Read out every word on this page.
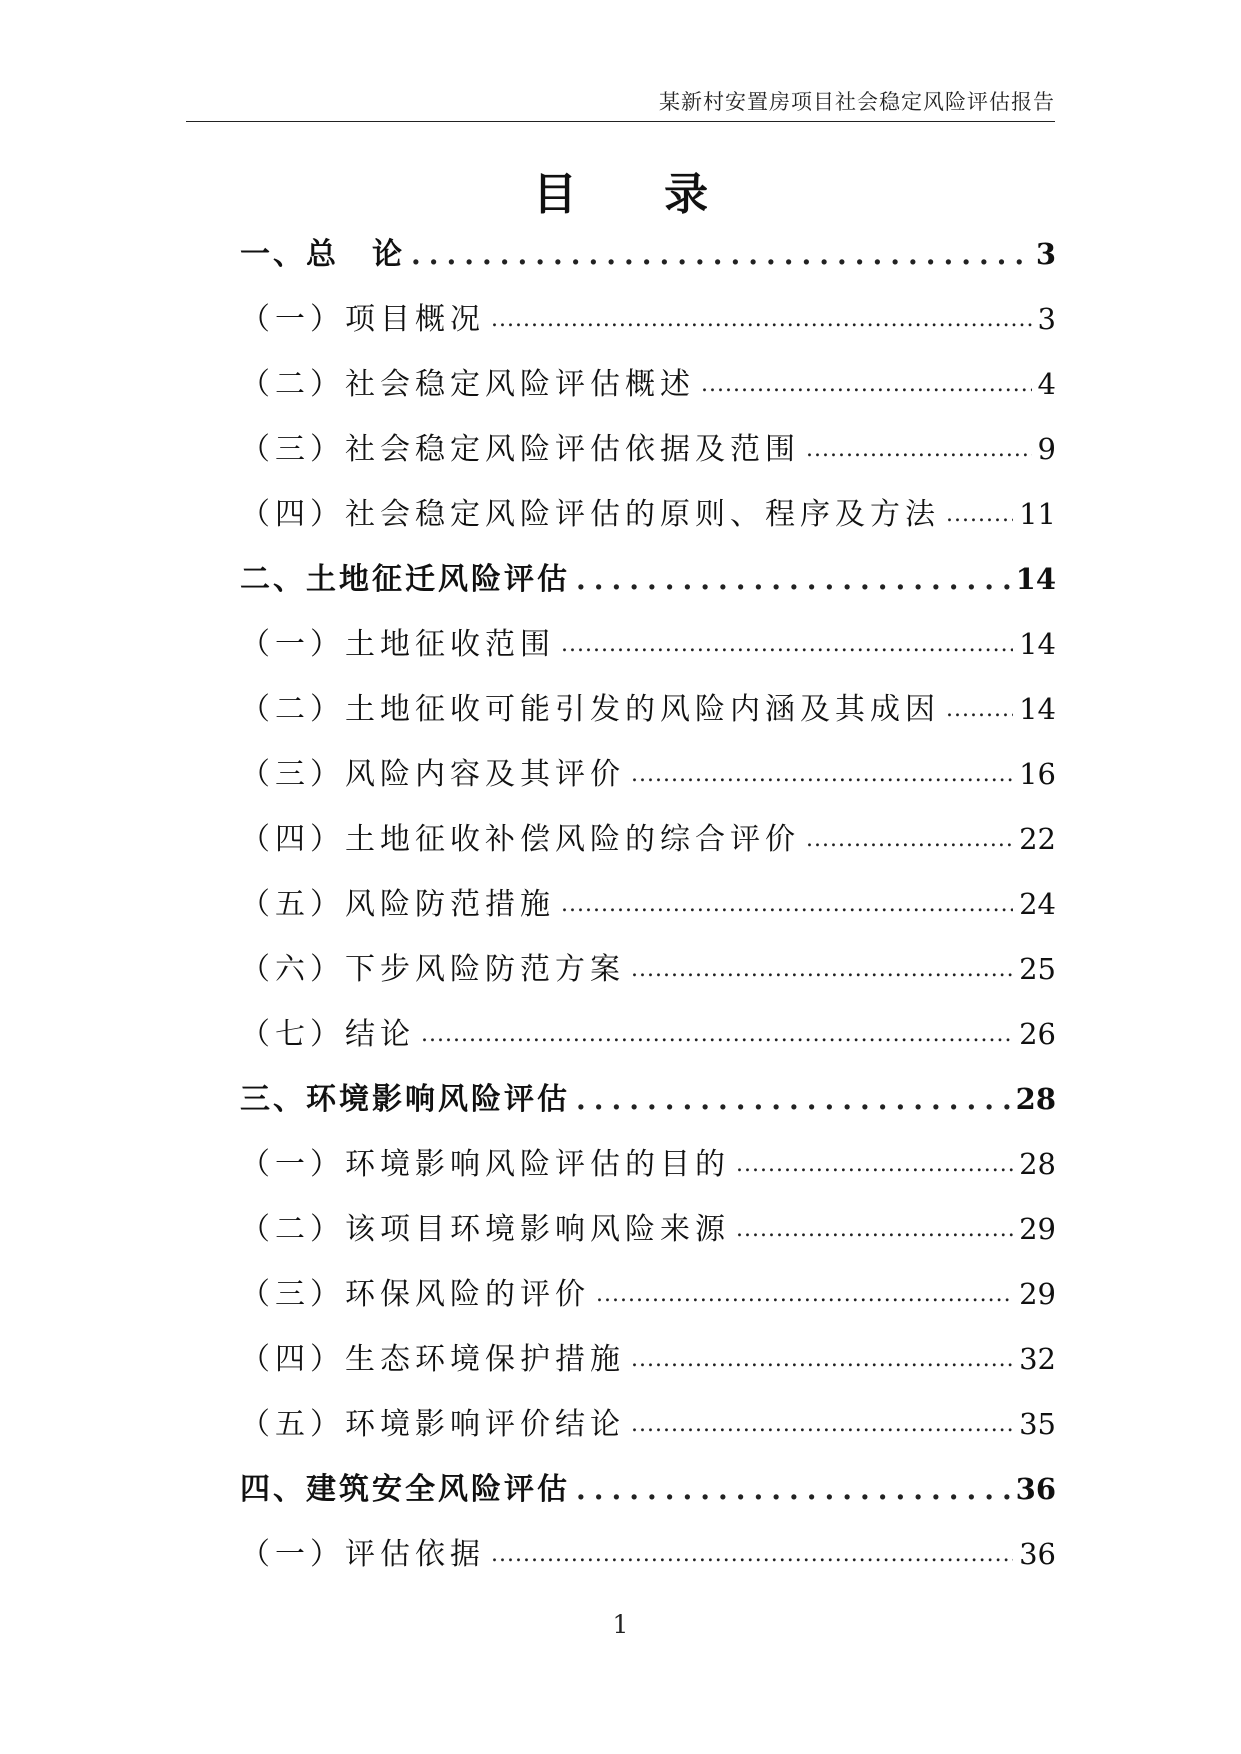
某新村安置房项目社会稳定风险评估报告
目 录
一、总　论 .....	3
（一）项目概况 .....	3
（二）社会稳定风险评估概述 .....	4
（三）社会稳定风险评估依据及范围 .....	9
（四）社会稳定风险评估的原则、程序及方法 .....	11
二、土地征迁风险评估 .....	14
（一）土地征收范围 .....	14
（二）土地征收可能引发的风险内涵及其成因 .....	14
（三）风险内容及其评价 .....	16
（四）土地征收补偿风险的综合评价 .....	22
（五）风险防范措施 .....	24
（六）下步风险防范方案 .....	25
（七）结论 .....	26
三、环境影响风险评估 .....	28
（一）环境影响风险评估的目的 .....	28
（二）该项目环境影响风险来源 .....	29
（三）环保风险的评价 .....	29
（四）生态环境保护措施 .....	32
（五）环境影响评价结论 .....	35
四、建筑安全风险评估 .....	36
（一）评估依据 .....	36
1
